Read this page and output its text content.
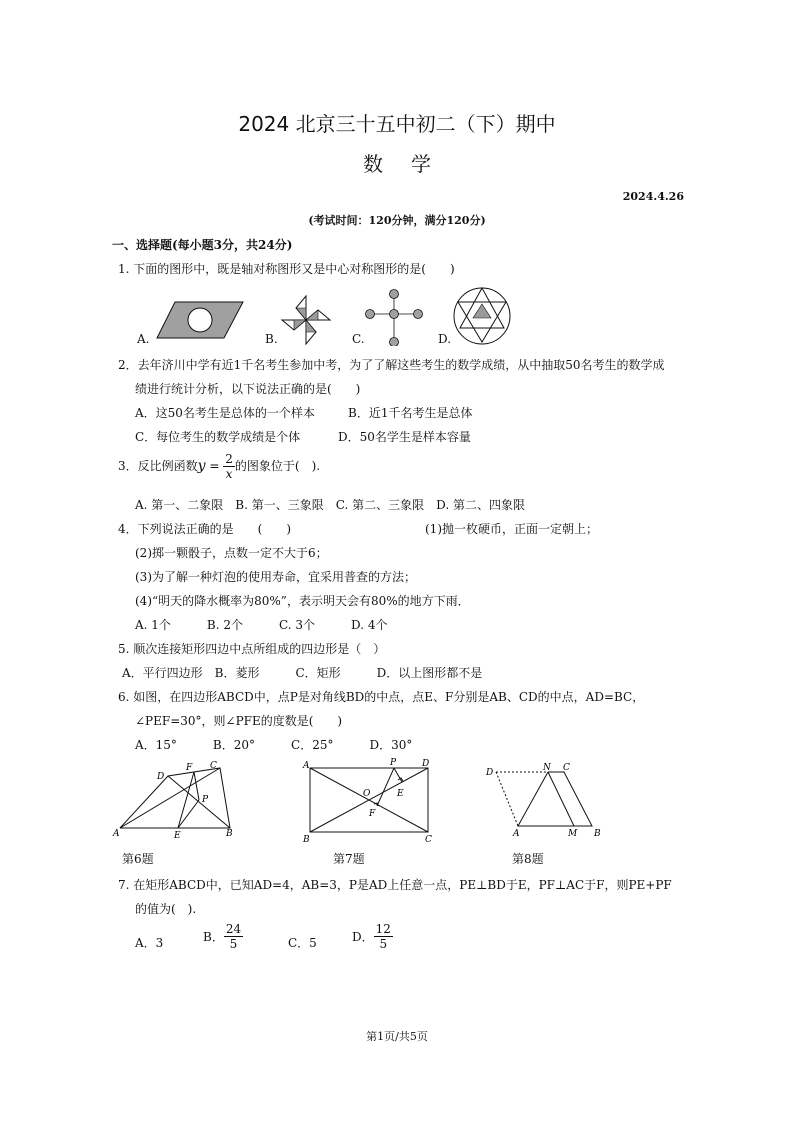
2024 北京三十五中初二（下）期中
数学
2024.4.26
(考试时间：120分钟，满分120分)
一、选择题(每小题3分，共24分)
1. 下面的图形中，既是轴对称图形又是中心对称图形的是(　　)
A.	B.	C.	D.
2．去年济川中学有近1千名考生参加中考，为了了解这些考生的数学成绩，从中抽取50名考生的数学成
绩进行统计分析，以下说法正确的是(　　)
A．这50名考生是总体的一个样本	B．近1千名考生是总体
C．每位考生的数学成绩是个体	D．50名学生是样本容量
3．反比例函数$y = \frac{2}{x}$ 的图象位于(　).
A. 第一、二象限　B. 第一、三象限　C. 第二、三象限　D. 第二、四象限
4．下列说法正确的是　　(　　)	(1)抛一枚硬币，正面一定朝上；
(2)掷一颗骰子，点数一定不大于6；
(3)为了解一种灯泡的使用寿命，宜采用普查的方法；
(4)“明天的降水概率为80%”，表示明天会有80%的地方下雨．
A. 1个　　　B. 2个　　　C. 3个　　　D. 4个
5. 顺次连接矩形四边中点所组成的四边形是（　）
A．平行四边形　B．菱形　　　C．矩形　　　D．以上图形都不是
6. 如图，在四边形ABCD中，点P是对角线BD的中点，点E、F分别是AB、CD的中点，AD=BC，
∠PEF=30°，则∠PFE的度数是(　　)
A．15°　　　B．20°　　　C．25°　　　D．30°
D
F C
P
A	E	B
A	P	D
O	E
F
B	C
D	N C
A	M B
第6题	第7题	第8题
7. 在矩形ABCD中，已知AD=4，AB=3，P是AD上任意一点，PE⊥BD于E，PF⊥AC于F，则PE+PF
的值为(　).
A．3	B． $\frac{24}{5}$	C．5	D． $\frac{12}{5}$
第1页/共5页
